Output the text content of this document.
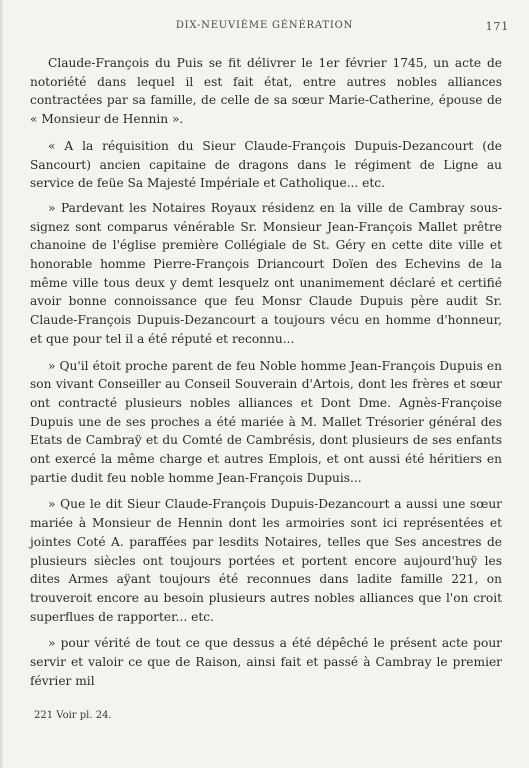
DIX-NEUVIÈME GÉNÉRATION	171

Claude-François du Puis se fit délivrer le 1er février 1745, un acte de notoriété dans lequel il est fait état, entre autres nobles alliances contractées par sa famille, de celle de sa sœur Marie-Catherine, épouse de « Monsieur de Hennin ».

« A la réquisition du Sieur Claude-François Dupuis-Dezancourt (de Sancourt) ancien capitaine de dragons dans le régiment de Ligne au service de feüe Sa Majesté Impériale et Catholique... etc.

» Pardevant les Notaires Royaux résidenz en la ville de Cambray sous-signez sont comparus vénérable Sr. Monsieur Jean-François Mallet prêtre chanoine de l'église première Collégiale de St. Géry en cette dite ville et honorable homme Pierre-François Driancourt Doïen des Echevins de la même ville tous deux y demt lesquelz ont unanimement déclaré et certifié avoir bonne connoissance que feu Monsr Claude Dupuis père audit Sr. Claude-François Dupuis-Dezancourt a toujours vécu en homme d'honneur, et que pour tel il a été réputé et reconnu...

» Qu'il étoit proche parent de feu Noble homme Jean-François Dupuis en son vivant Conseiller au Conseil Souverain d'Artois, dont les frères et sœur ont contracté plusieurs nobles alliances et Dont Dme. Agnès-Françoise Dupuis une de ses proches a été mariée à M. Mallet Trésorier général des Etats de Cambraÿ et du Comté de Cambrésis, dont plusieurs de ses enfants ont exercé la même charge et autres Emplois, et ont aussi été héritiers en partie dudit feu noble homme Jean-François Dupuis...

» Que le dit Sieur Claude-François Dupuis-Dezancourt a aussi une sœur mariée à Monsieur de Hennin dont les armoiries sont ici représentées et jointes Coté A. paraffées par lesdits Notaires, telles que Ses ancestres de plusieurs siècles ont toujours portées et portent encore aujourd'huÿ les dites Armes aÿant toujours été reconnues dans ladite famille 221, on trouveroit encore au besoin plusieurs autres nobles alliances que l'on croit superflues de rapporter... etc.

» pour vérité de tout ce que dessus a été dépêché le présent acte pour servir et valoir ce que de Raison, ainsi fait et passé à Cambray le premier février mil

221 Voir pl. 24.
